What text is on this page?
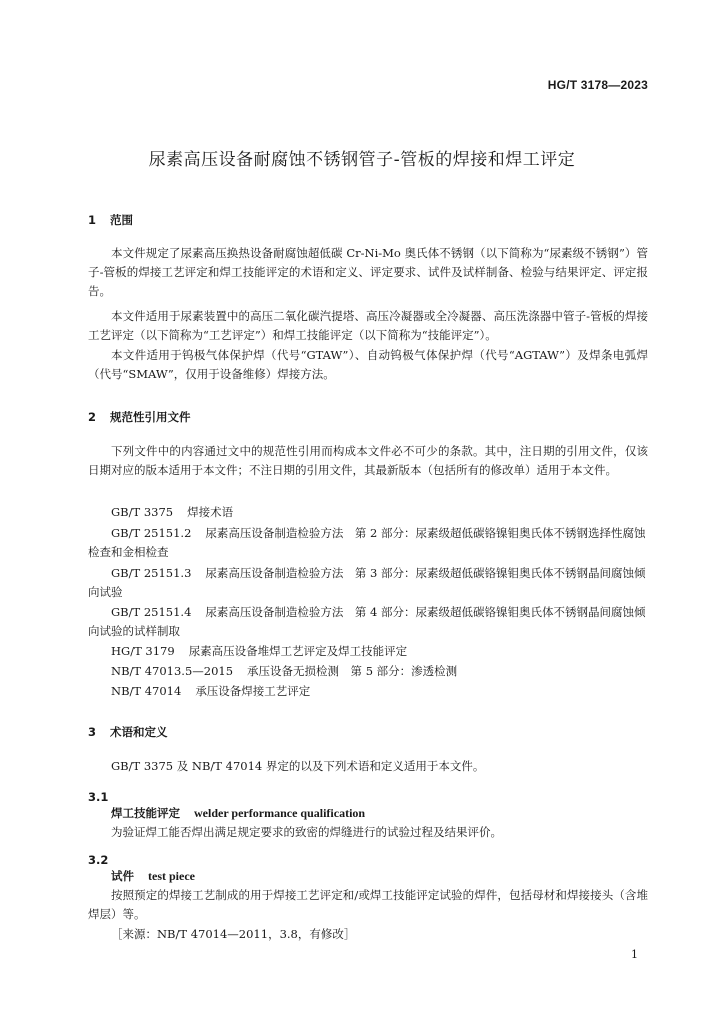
HG/T 3178—2023
尿素高压设备耐腐蚀不锈钢管子-管板的焊接和焊工评定
1 范围

本文件规定了尿素高压换热设备耐腐蚀超低碳 Cr-Ni-Mo 奥氏体不锈钢（以下简称为“尿素级不锈钢”）管子-管板的焊接工艺评定和焊工技能评定的术语和定义、评定要求、试件及试样制备、检验与结果评定、评定报告。

本文件适用于尿素装置中的高压二氧化碳汽提塔、高压冷凝器或全冷凝器、高压洗涤器中管子-管板的焊接工艺评定（以下简称为“工艺评定”）和焊工技能评定（以下简称为“技能评定”）。

本文件适用于钨极气体保护焊（代号“GTAW”）、自动钨极气体保护焊（代号“AGTAW”）及焊条电弧焊（代号“SMAW”，仅用于设备维修）焊接方法。

2 规范性引用文件

下列文件中的内容通过文中的规范性引用而构成本文件必不可少的条款。其中，注日期的引用文件，仅该日期对应的版本适用于本文件；不注日期的引用文件，其最新版本（包括所有的修改单）适用于本文件。

GB/T 3375 焊接术语

GB/T 25151.2 尿素高压设备制造检验方法　第 2 部分：尿素级超低碳铬镍钼奥氏体不锈钢选择性腐蚀检查和金相检查

GB/T 25151.3 尿素高压设备制造检验方法　第 3 部分：尿素级超低碳铬镍钼奥氏体不锈钢晶间腐蚀倾向试验

GB/T 25151.4 尿素高压设备制造检验方法　第 4 部分：尿素级超低碳铬镍钼奥氏体不锈钢晶间腐蚀倾向试验的试样制取

HG/T 3179 尿素高压设备堆焊工艺评定及焊工技能评定

NB/T 47013.5—2015 承压设备无损检测　第 5 部分：渗透检测

NB/T 47014 承压设备焊接工艺评定

3 术语和定义

GB/T 3375 及 NB/T 47014 界定的以及下列术语和定义适用于本文件。

3.1
焊工技能评定 welder performance qualification

为验证焊工能否焊出满足规定要求的致密的焊缝进行的试验过程及结果评价。

3.2
试件 test piece

按照预定的焊接工艺制成的用于焊接工艺评定和/或焊工技能评定试验的焊件，包括母材和焊接接头（含堆焊层）等。

［来源：NB/T 47014—2011，3.8，有修改］
1
